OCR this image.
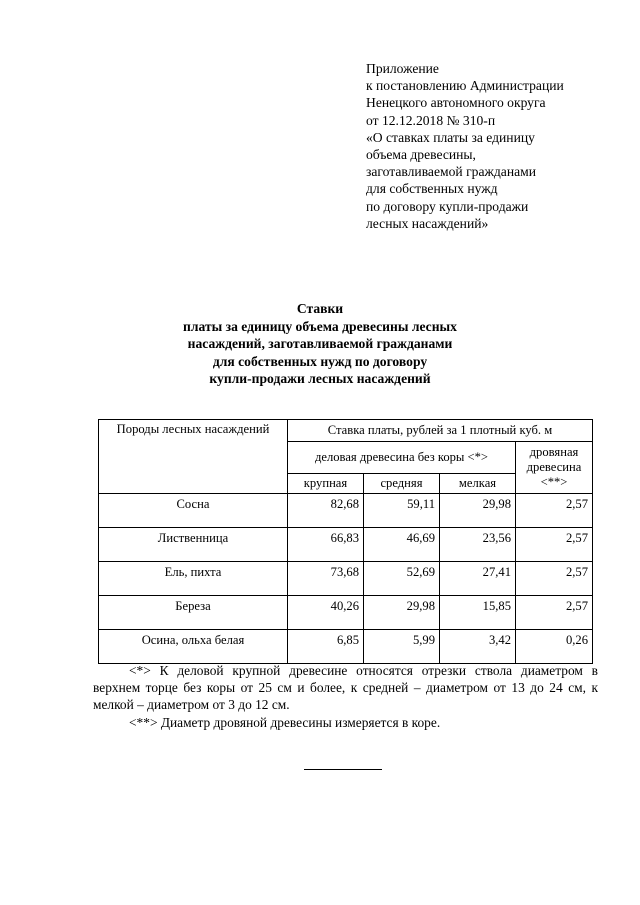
Приложение
к постановлению Администрации
Ненецкого автономного округа
от 12.12.2018 № 310-п
«О ставках платы за единицу
объема древесины,
заготавливаемой гражданами
для собственных нужд
по договору купли-продажи
лесных насаждений»
Ставки
платы за единицу объема древесины лесных
насаждений, заготавливаемой гражданами
для собственных нужд по договору
купли-продажи лесных насаждений
Породы лесных насаждений	Ставка платы, рублей за 1 плотный куб. м			
	деловая древесина без коры <*>			дровяная древесина <**>
	крупная	средняя	мелкая	
Сосна	82,68	59,11	29,98	2,57
Лиственница	66,83	46,69	23,56	2,57
Ель, пихта	73,68	52,69	27,41	2,57
Береза	40,26	29,98	15,85	2,57
Осина, ольха белая	6,85	5,99	3,42	0,26
<*> К деловой крупной древесине относятся отрезки ствола диаметром в верхнем торце без коры от 25 см и более, к средней – диаметром от 13 до 24 см, к мелкой – диаметром от 3 до 12 см.
<**> Диаметр дровяной древесины измеряется в коре.
